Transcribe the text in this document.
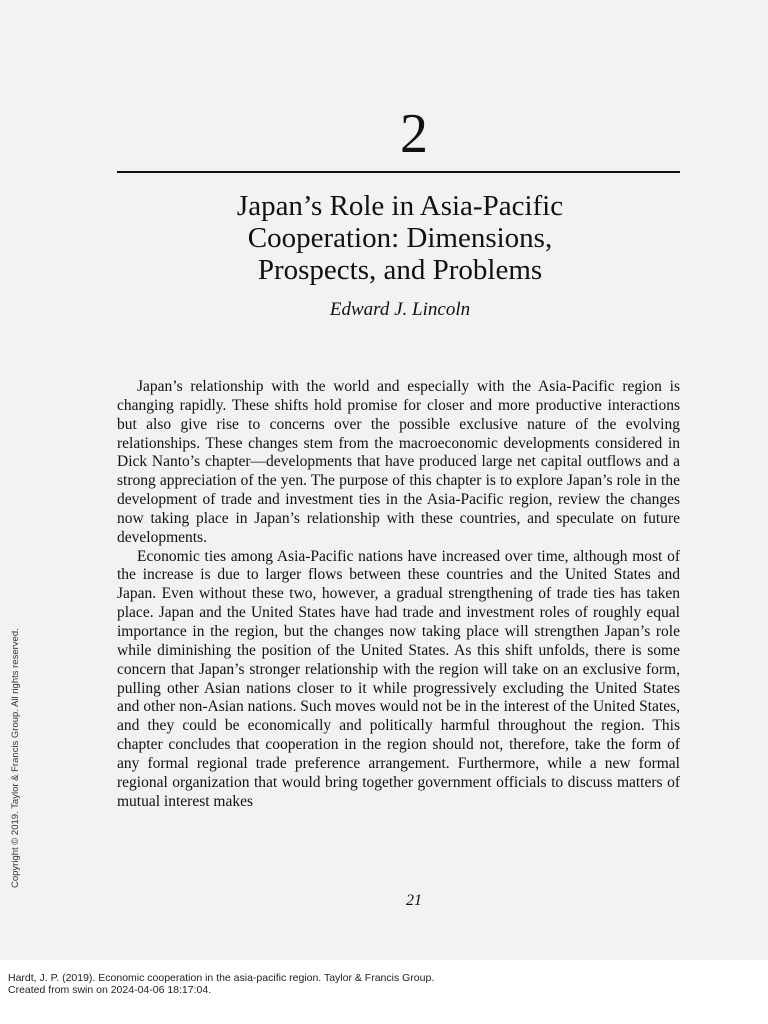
2
Japan’s Role in Asia-Pacific
Cooperation: Dimensions,
Prospects, and Problems
Edward J. Lincoln

Japan’s relationship with the world and especially with the Asia-Pacific region is changing rapidly. These shifts hold promise for closer and more productive interactions but also give rise to concerns over the possible exclusive nature of the evolving relationships. These changes stem from the macroeconomic developments considered in Dick Nanto’s chapter—developments that have produced large net capital outflows and a strong appreciation of the yen. The purpose of this chapter is to explore Japan’s role in the development of trade and investment ties in the Asia-Pacific region, review the changes now taking place in Japan’s relationship with these countries, and speculate on future developments.

Economic ties among Asia-Pacific nations have increased over time, although most of the increase is due to larger flows between these countries and the United States and Japan. Even without these two, however, a gradual strengthening of trade ties has taken place. Japan and the United States have had trade and investment roles of roughly equal importance in the region, but the changes now taking place will strengthen Japan’s role while diminishing the position of the United States. As this shift unfolds, there is some concern that Japan’s stronger relationship with the region will take on an exclusive form, pulling other Asian nations closer to it while progressively excluding the United States and other non-Asian nations. Such moves would not be in the interest of the United States, and they could be economically and politically harmful throughout the region. This chapter concludes that cooperation in the region should not, therefore, take the form of any formal regional trade preference arrangement. Furthermore, while a new formal regional organization that would bring together government officials to discuss matters of mutual interest makes

21
Copyright © 2019. Taylor & Francis Group. All rights reserved.
Hardt, J. P. (2019). Economic cooperation in the asia-pacific region. Taylor & Francis Group.
Created from swin on 2024-04-06 18:17:04.
